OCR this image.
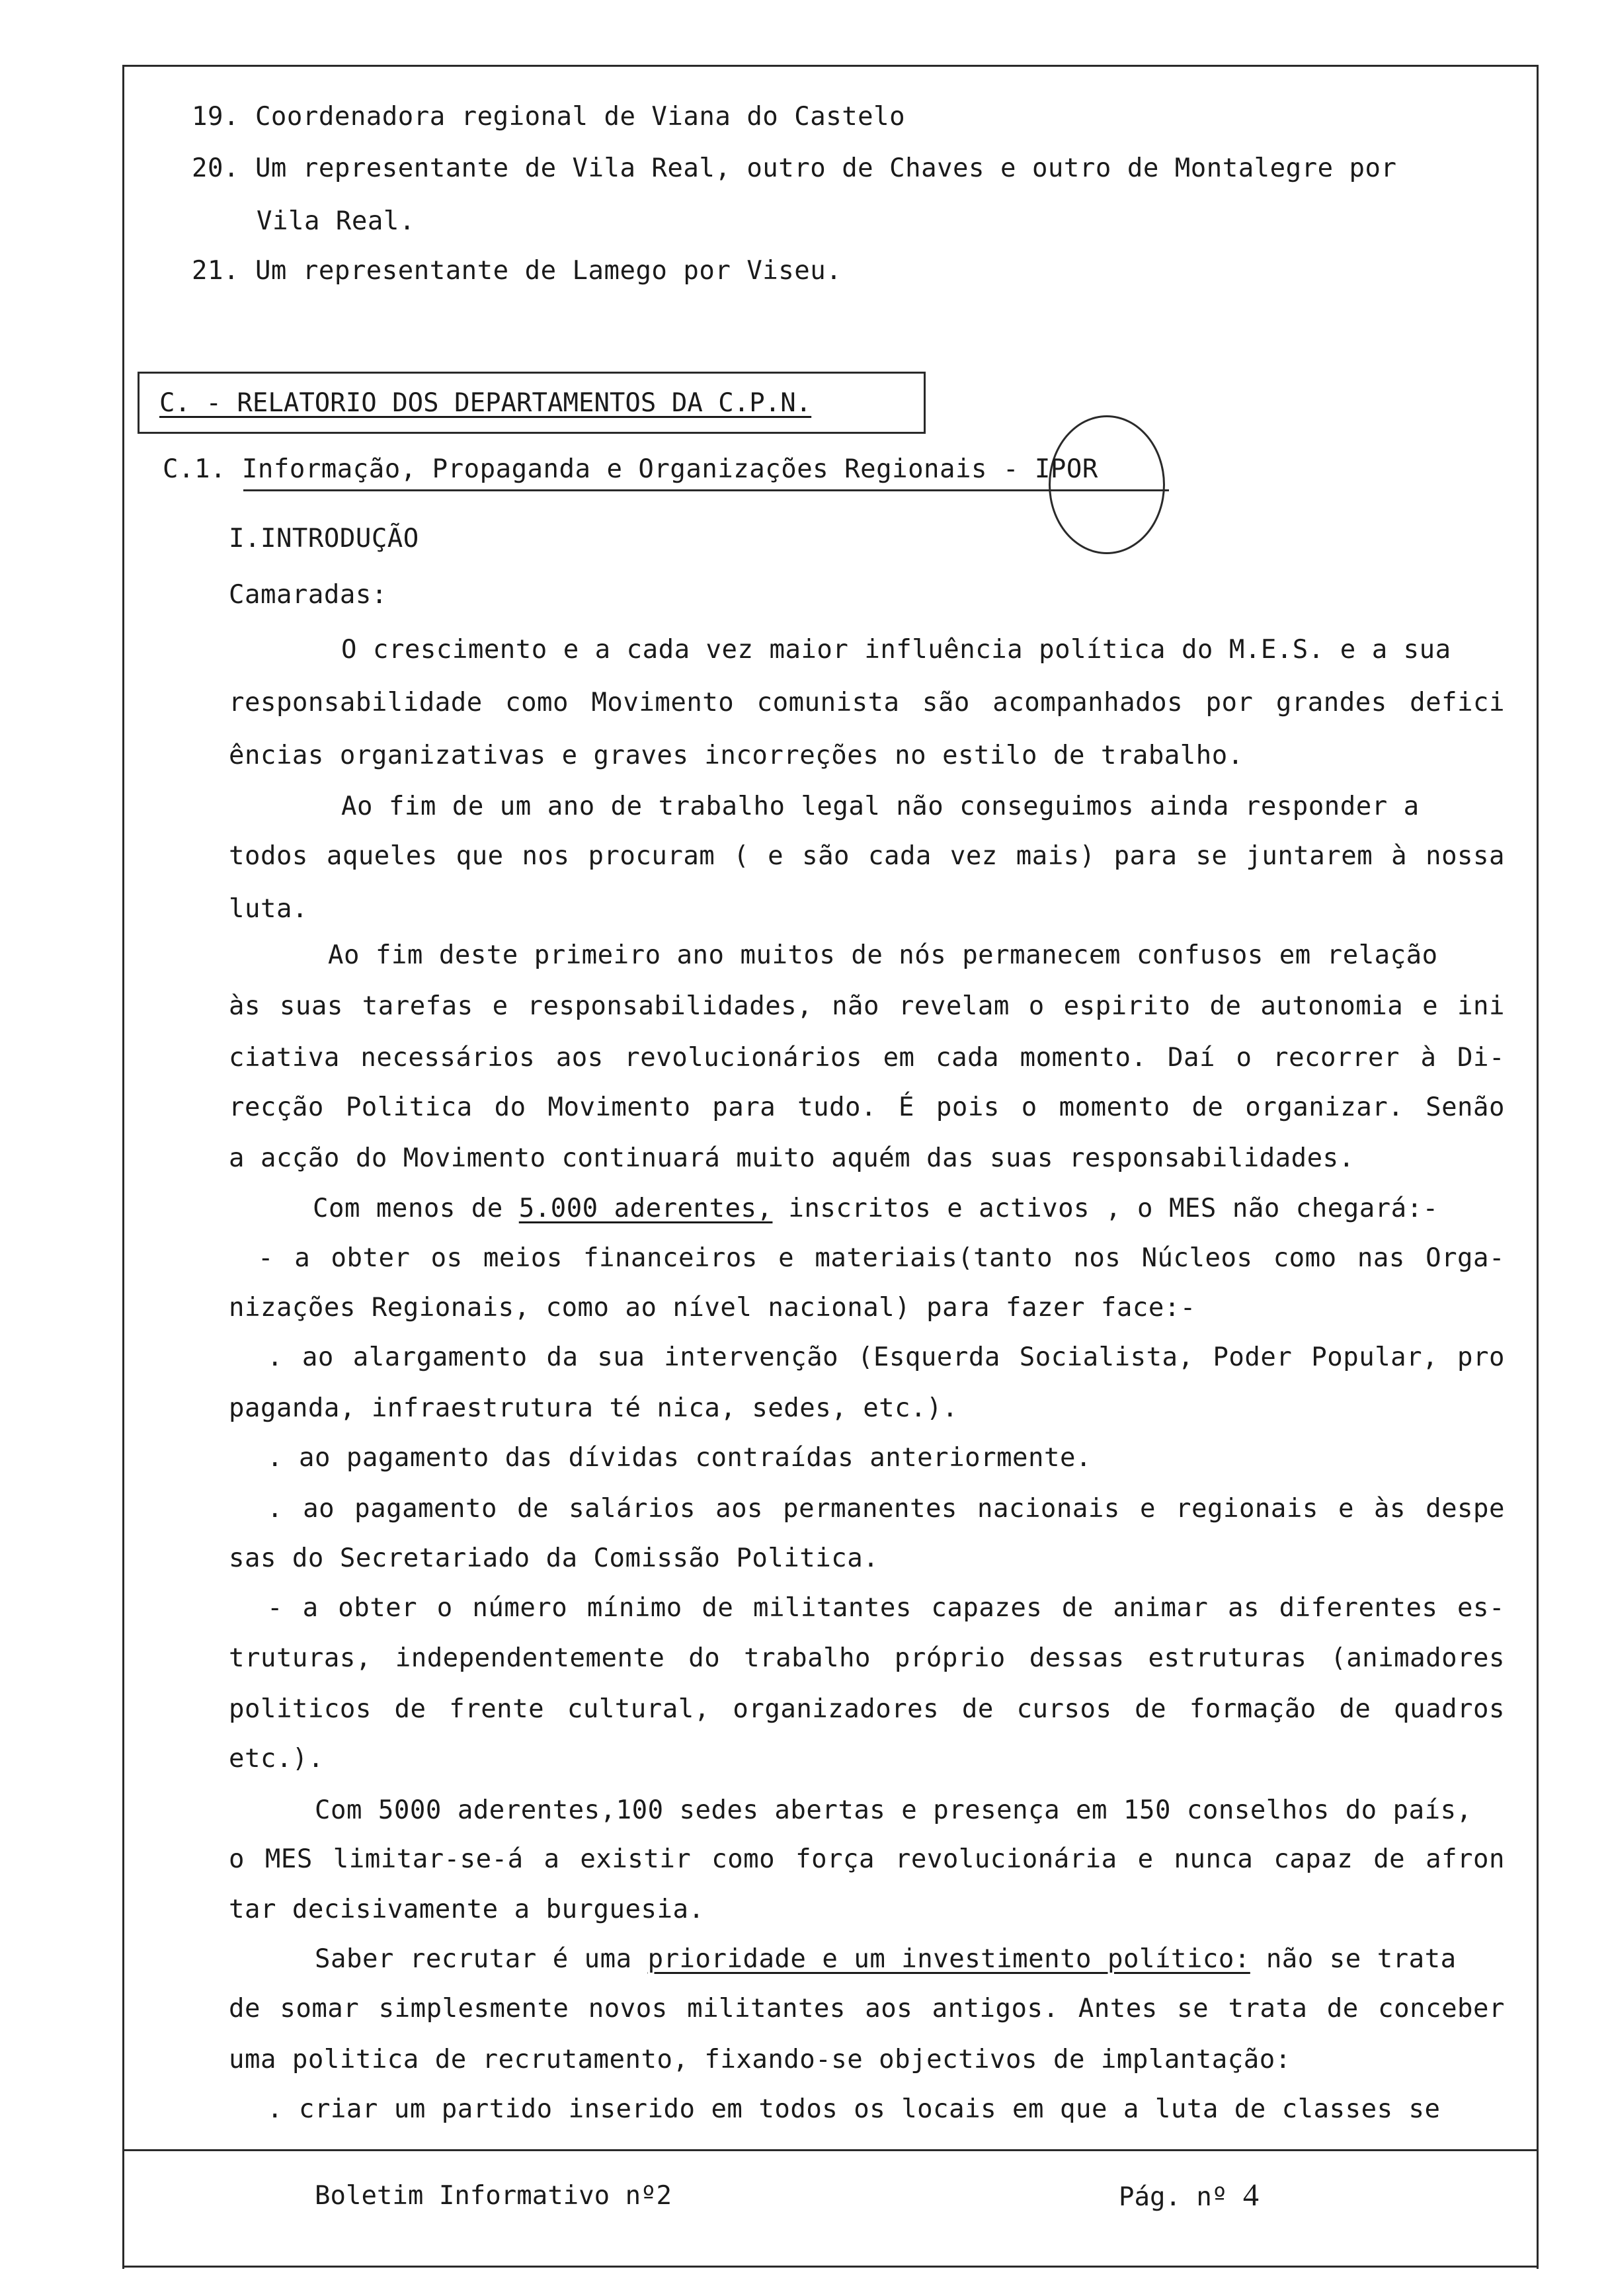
19. Coordenadora regional de Viana do Castelo
20. Um representante de Vila Real, outro de Chaves e outro de Montalegre por
Vila Real.
21. Um representante de Lamego por Viseu.
C. - RELATORIO DOS DEPARTAMENTOS DA C.P.N.
C.1. Informação, Propaganda e Organizações Regionais - IPOR
I.INTRODUÇÃO
Camaradas:
O crescimento e a cada vez maior influência política do M.E.S. e a sua
responsabilidade como Movimento comunista são acompanhados por grandes defici
ências organizativas e graves incorreções no estilo de trabalho.
Ao fim de um ano de trabalho legal não conseguimos ainda responder a
todos aqueles que nos procuram ( e são cada vez mais) para se juntarem à nossa
luta.
Ao fim deste primeiro ano muitos de nós permanecem confusos em relação
às suas tarefas e responsabilidades, não revelam o espirito de autonomia e ini
ciativa necessários aos revolucionários em cada momento. Daí o recorrer à Di-
recção Politica do Movimento para tudo. É pois o momento de organizar. Senão
a acção do Movimento continuará muito aquém das suas responsabilidades.
Com menos de 5.000 aderentes, inscritos e activos , o MES não chegará:-
- a obter os meios financeiros e materiais(tanto nos Núcleos como nas Orga-
nizações Regionais, como ao nível nacional) para fazer face:-
. ao alargamento da sua intervenção (Esquerda Socialista, Poder Popular, pro
paganda, infraestrutura té nica, sedes, etc.).
. ao pagamento das dívidas contraídas anteriormente.
. ao pagamento de salários aos permanentes nacionais e regionais e às despe
sas do Secretariado da Comissão Politica.
- a obter o número mínimo de militantes capazes de animar as diferentes es-
truturas, independentemente do trabalho próprio dessas estruturas (animadores
politicos de frente cultural, organizadores de cursos de formação de quadros
etc.).
Com 5000 aderentes,100 sedes abertas e presença em 150 conselhos do país,
o MES limitar-se-á a existir como força revolucionária e nunca capaz de afron
tar decisivamente a burguesia.
Saber recrutar é uma prioridade e um investimento político: não se trata
de somar simplesmente novos militantes aos antigos. Antes se trata de conceber
uma politica de recrutamento, fixando-se objectivos de implantação:
. criar um partido inserido em todos os locais em que a luta de classes se
Boletim Informativo nº2	Pág. nº 4
